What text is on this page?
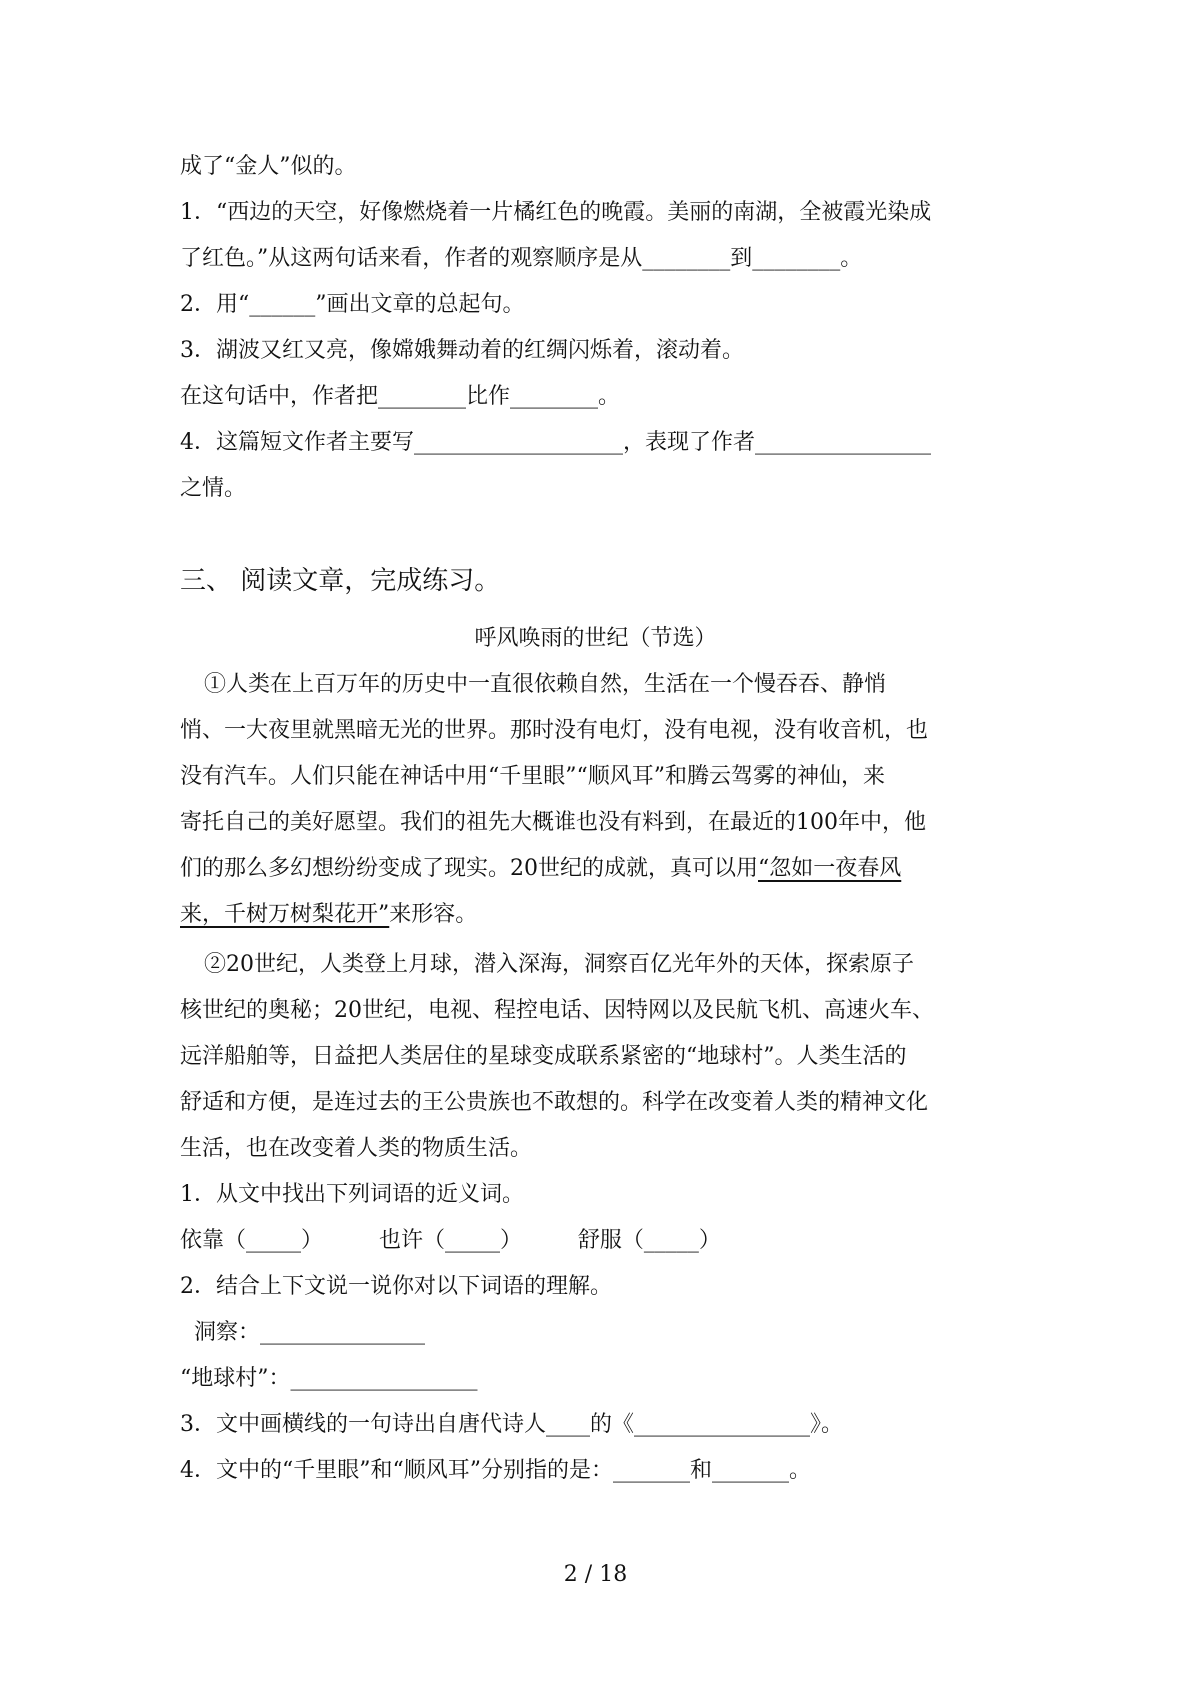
成了“金人”似的。
1．“西边的天空，好像燃烧着一片橘红色的晚霞。美丽的南湖，全被霞光染成
了红色。”从这两句话来看，作者的观察顺序是从________到________。
2．用“______”画出文章的总起句。
3．湖波又红又亮，像嫦娥舞动着的红绸闪烁着，滚动着。
在这句话中，作者把________比作________。
4．这篇短文作者主要写___________________，表现了作者________________
之情。
三、 阅读文章，完成练习。
呼风唤雨的世纪（节选）
①人类在上百万年的历史中一直很依赖自然，生活在一个慢吞吞、静悄
悄、一大夜里就黑暗无光的世界。那时没有电灯，没有电视，没有收音机，也
没有汽车。人们只能在神话中用“千里眼”“顺风耳”和腾云驾雾的神仙，来
寄托自己的美好愿望。我们的祖先大概谁也没有料到，在最近的100年中，他
们的那么多幻想纷纷变成了现实。20世纪的成就，真可以用“忽如一夜春风
来，千树万树梨花开”来形容。
②20世纪，人类登上月球，潜入深海，洞察百亿光年外的天体，探索原子
核世纪的奥秘；20世纪，电视、程控电话、因特网以及民航飞机、高速火车、
远洋船舶等，日益把人类居住的星球变成联系紧密的“地球村”。人类生活的
舒适和方便，是连过去的王公贵族也不敢想的。科学在改变着人类的精神文化
生活，也在改变着人类的物质生活。
1．从文中找出下列词语的近义词。
依靠（_____）        也许（_____）        舒服（_____）
2．结合上下文说一说你对以下词语的理解。
洞察：_______________
“地球村”：_________________
3．文中画横线的一句诗出自唐代诗人____的《________________》。
4．文中的“千里眼”和“顺风耳”分别指的是：_______和_______。
2 / 18
